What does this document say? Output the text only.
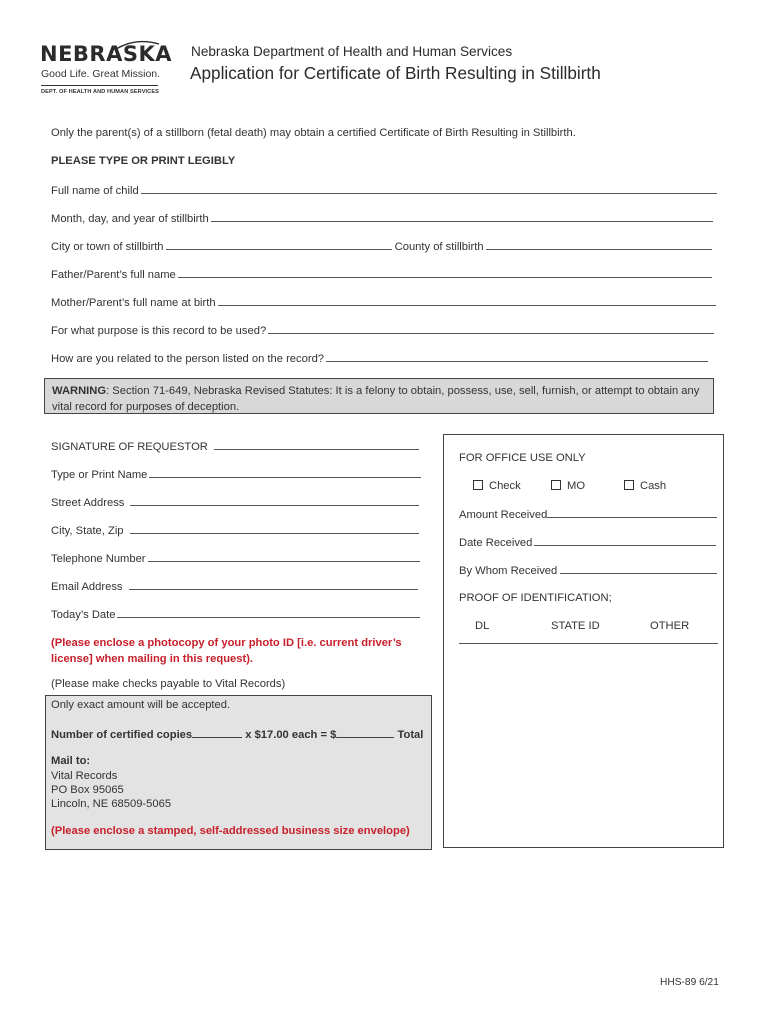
NEBRASKA
Good Life. Great Mission.
DEPT. OF HEALTH AND HUMAN SERVICES
Nebraska Department of Health and Human Services
Application for Certificate of Birth Resulting in Stillbirth
Only the parent(s) of a stillborn (fetal death) may obtain a certified Certificate of Birth Resulting in Stillbirth.
PLEASE TYPE OR PRINT LEGIBLY
Full name of child
Month, day, and year of stillbirth
City or town of stillbirth	County of stillbirth
Father/Parent’s full name
Mother/Parent’s full name at birth
For what purpose is this record to be used?
How are you related to the person listed on the record?
WARNING: Section 71-649, Nebraska Revised Statutes: It is a felony to obtain, possess, use, sell, furnish, or attempt to obtain any
vital record for purposes of deception.
SIGNATURE OF REQUESTOR
Type or Print Name
Street Address
City, State, Zip
Telephone Number
Email Address
Today’s Date
(Please enclose a photocopy of your photo ID [i.e. current driver’s
license] when mailing in this request).
(Please make checks payable to Vital Records)
Only exact amount will be accepted.
Number of certified copies	x $17.00 each = $	Total
Mail to:
Vital Records
PO Box 95065
Lincoln, NE 68509-5065
(Please enclose a stamped, self-addressed business size envelope)
FOR OFFICE USE ONLY
Check	MO	Cash
Amount Received
Date Received
By Whom Received
PROOF OF IDENTIFICATION;
DL	STATE ID	OTHER
HHS-89 6/21
